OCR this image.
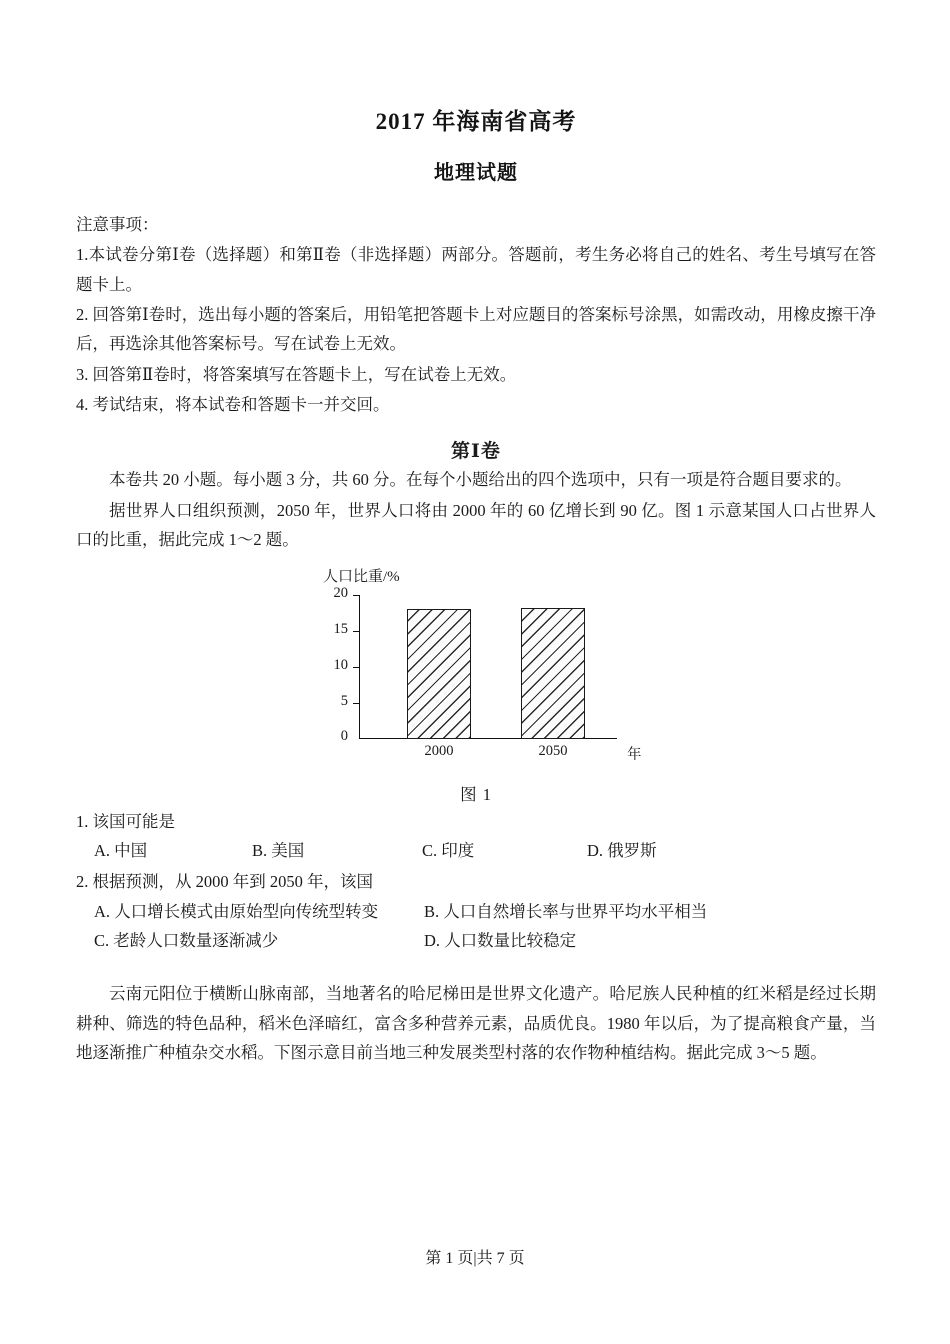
2017 年海南省高考
地理试题
注意事项：
1.本试卷分第Ⅰ卷（选择题）和第Ⅱ卷（非选择题）两部分。答题前，考生务必将自己的姓名、考生号填写在答题卡上。
2. 回答第Ⅰ卷时，选出每小题的答案后，用铅笔把答题卡上对应题目的答案标号涂黑，如需改动，用橡皮擦干净后，再选涂其他答案标号。写在试卷上无效。
3. 回答第Ⅱ卷时，将答案填写在答题卡上，写在试卷上无效。
4. 考试结束，将本试卷和答题卡一并交回。
第Ⅰ卷
本卷共 20 小题。每小题 3 分，共 60 分。在每个小题给出的四个选项中，只有一项是符合题目要求的。
据世界人口组织预测，2050 年，世界人口将由 2000 年的 60 亿增长到 90 亿。图 1 示意某国人口占世界人口的比重，据此完成 1～2 题。
人口比重/%
20
15
10
5
0
2000	2050	年
图 1
1. 该国可能是
A. 中国	B. 美国	C. 印度	D. 俄罗斯
2. 根据预测，从 2000 年到 2050 年，该国
A. 人口增长模式由原始型向传统型转变	B. 人口自然增长率与世界平均水平相当
C. 老龄人口数量逐渐减少	D. 人口数量比较稳定
云南元阳位于横断山脉南部，当地著名的哈尼梯田是世界文化遗产。哈尼族人民种植的红米稻是经过长期耕种、筛选的特色品种，稻米色泽暗红，富含多种营养元素，品质优良。1980 年以后，为了提高粮食产量，当地逐渐推广种植杂交水稻。下图示意目前当地三种发展类型村落的农作物种植结构。据此完成 3～5 题。
第 1 页|共 7 页
